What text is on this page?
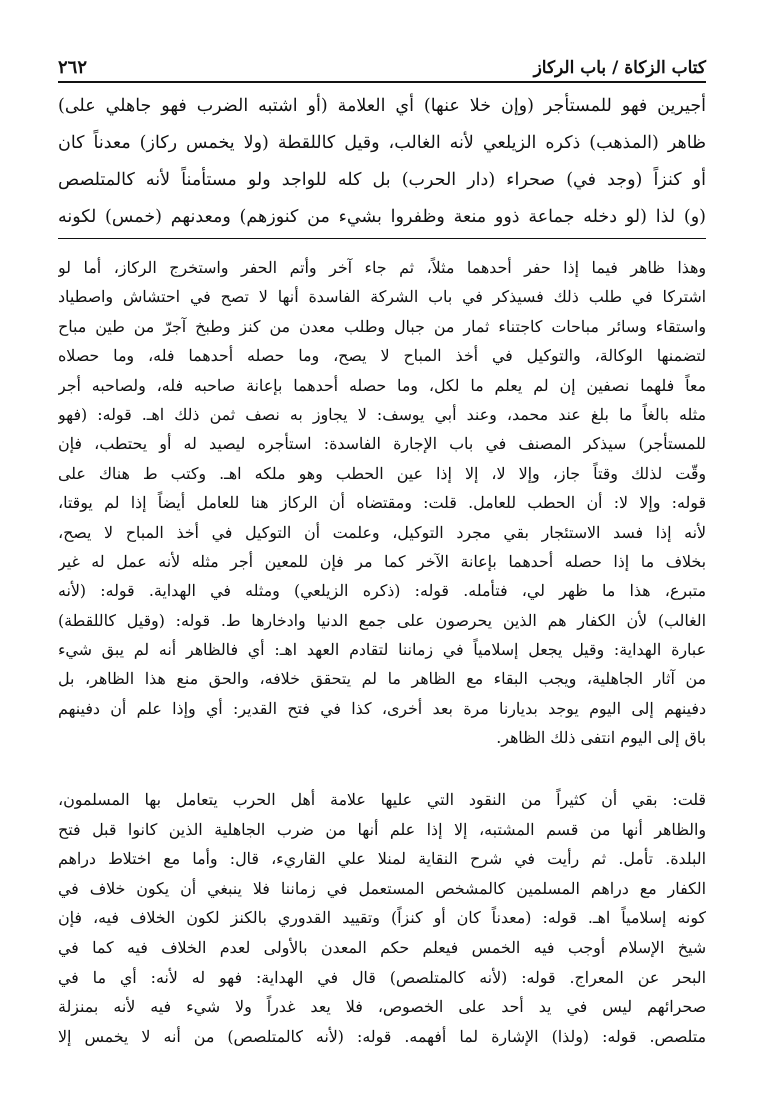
كتاب الزكاة / باب الركاز
٢٦٢
أجيرين فهو للمستأجر (وإن خلا عنها) أي العلامة (أو اشتبه الضرب فهو جاهلي على)
ظاهر (المذهب) ذكره الزيلعي لأنه الغالب، وقيل كاللقطة (ولا يخمس ركاز) معدناً كان
أو كنزاً (وجد في) صحراء (دار الحرب) بل كله للواجد ولو مستأمناً لأنه كالمتلصص
(و) لذا (لو دخله جماعة ذوو منعة وظفروا بشيء من كنوزهم) ومعدنهم (خمس) لكونه
وهذا ظاهر فيما إذا حفر أحدهما مثلاً، ثم جاء آخر وأتم الحفر واستخرج الركاز، أما لو
اشتركا في طلب ذلك فسيذكر في باب الشركة الفاسدة أنها لا تصح في احتشاش واصطياد
واستقاء وسائر مباحات كاجتناء ثمار من جبال وطلب معدن من كنز وطبخ آجرّ من طين مباح
لتضمنها الوكالة، والتوكيل في أخذ المباح لا يصح، وما حصله أحدهما فله، وما حصلاه
معاً فلهما نصفين إن لم يعلم ما لكل، وما حصله أحدهما بإعانة صاحبه فله، ولصاحبه أجر
مثله بالغاً ما بلغ عند محمد، وعند أبي يوسف: لا يجاوز به نصف ثمن ذلك اهـ. قوله: (فهو
للمستأجر) سيذكر المصنف في باب الإجارة الفاسدة: استأجره ليصيد له أو يحتطب، فإن
وقّت لذلك وقتاً جاز، وإلا لا، إلا إذا عين الحطب وهو ملكه اهـ. وكتب ط هناك على
قوله: وإلا لا: أن الحطب للعامل. قلت: ومقتضاه أن الركاز هنا للعامل أيضاً إذا لم يوقتا،
لأنه إذا فسد الاستئجار بقي مجرد التوكيل، وعلمت أن التوكيل في أخذ المباح لا يصح،
بخلاف ما إذا حصله أحدهما بإعانة الآخر كما مر فإن للمعين أجر مثله لأنه عمل له غير
متبرع، هذا ما ظهر لي، فتأمله. قوله: (ذكره الزيلعي) ومثله في الهداية. قوله: (لأنه
الغالب) لأن الكفار هم الذين يحرصون على جمع الدنيا وادخارها ط. قوله: (وقيل كاللقطة)
عبارة الهداية: وقيل يجعل إسلامياً في زماننا لتقادم العهد اهـ: أي فالظاهر أنه لم يبق شيء
من آثار الجاهلية، ويجب البقاء مع الظاهر ما لم يتحقق خلافه، والحق منع هذا الظاهر، بل
دفينهم إلى اليوم يوجد بديارنا مرة بعد أخرى، كذا في فتح القدير: أي وإذا علم أن دفينهم
باق إلى اليوم انتفى ذلك الظاهر.
قلت: بقي أن كثيراً من النقود التي عليها علامة أهل الحرب يتعامل بها المسلمون،
والظاهر أنها من قسم المشتبه، إلا إذا علم أنها من ضرب الجاهلية الذين كانوا قبل فتح
البلدة. تأمل. ثم رأيت في شرح النقاية لمنلا علي القاريء، قال: وأما مع اختلاط دراهم
الكفار مع دراهم المسلمين كالمشخص المستعمل في زماننا فلا ينبغي أن يكون خلاف في
كونه إسلامياً اهـ. قوله: (معدناً كان أو كنزاً) وتقييد القدوري بالكنز لكون الخلاف فيه، فإن
شيخ الإسلام أوجب فيه الخمس فيعلم حكم المعدن بالأولى لعدم الخلاف فيه كما في
البحر عن المعراج. قوله: (لأنه كالمتلصص) قال في الهداية: فهو له لأنه: أي ما في
صحرائهم ليس في يد أحد على الخصوص، فلا يعد غدراً ولا شيء فيه لأنه بمنزلة
متلصص. قوله: (ولذا) الإشارة لما أفهمه. قوله: (لأنه كالمتلصص) من أنه لا يخمس إلا
